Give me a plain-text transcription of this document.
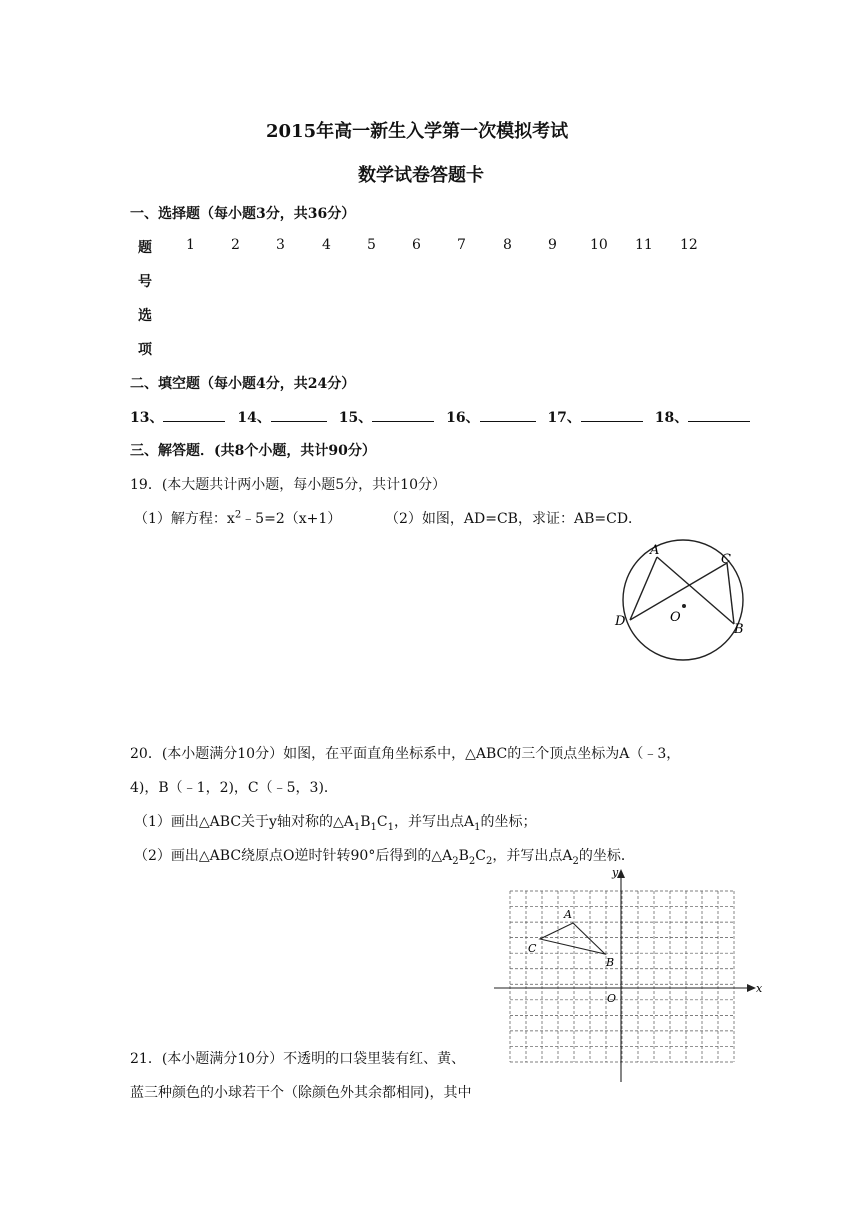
2015年高一新生入学第一次模拟考试
数学试卷答题卡
一、选择题（每小题3分，共36分）
题
号
选
项
1	2	3	4	5	6	7	8	9 10 11 12
二、填空题（每小题4分，共24分）
13、	14、	15、	16、	17、	18、
三、解答题．(共8个小题，共计90分）
19．(本大题共计两小题，每小题5分，共计10分）
（1）解方程：$x^2﹣5=2(x+1)$	（2）如图，AD=CB，求证：AB=CD．
A
C
D
B
O
20．(本小题满分10分）如图，在平面直角坐标系中，△ABC的三个顶点坐标为A（﹣3，
4)，B（﹣1，2)，C（﹣5，3)．
（1）画出△ABC关于y轴对称的$\triangle A_1B_1C_1$，并写出点$A_1$的坐标；
（2）画出△ABC绕原点O逆时针转90°后得到的$\triangle A_2B_2C_2$，并写出点$A_2$的坐标．
x
y
O
A
B
C
21．(本小题满分10分）不透明的口袋里装有红、黄、
蓝三种颜色的小球若干个（除颜色外其余都相同)，其中
